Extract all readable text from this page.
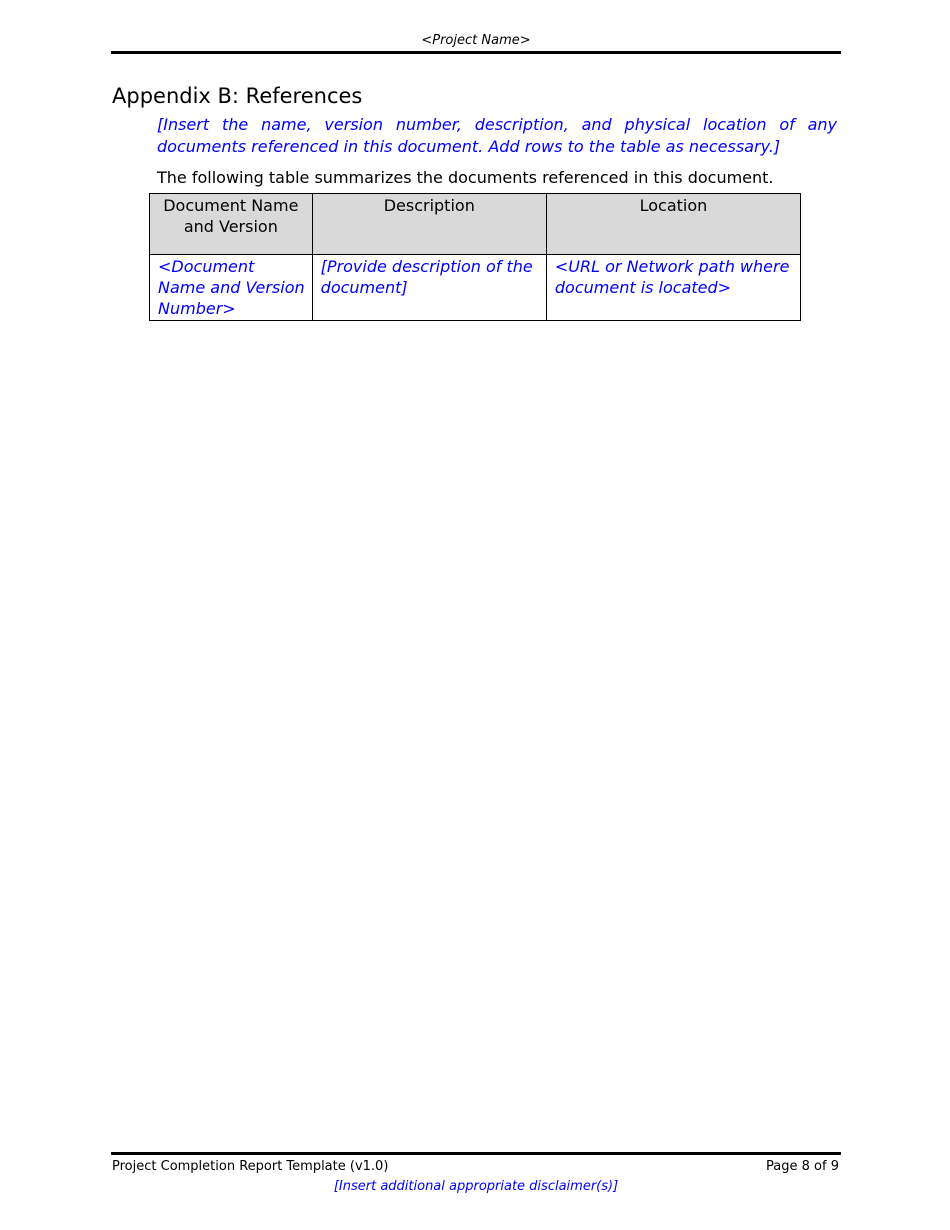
<Project Name>
Appendix B: References

[Insert the name, version number, description, and physical location of any documents referenced in this document. Add rows to the table as necessary.]

The following table summarizes the documents referenced in this document.

Document Name and Version	Description	Location
<Document Name and Version Number>	[Provide description of the document]	<URL or Network path where document is located>
Project Completion Report Template (v1.0)	Page 8 of 9
[Insert additional appropriate disclaimer(s)]
